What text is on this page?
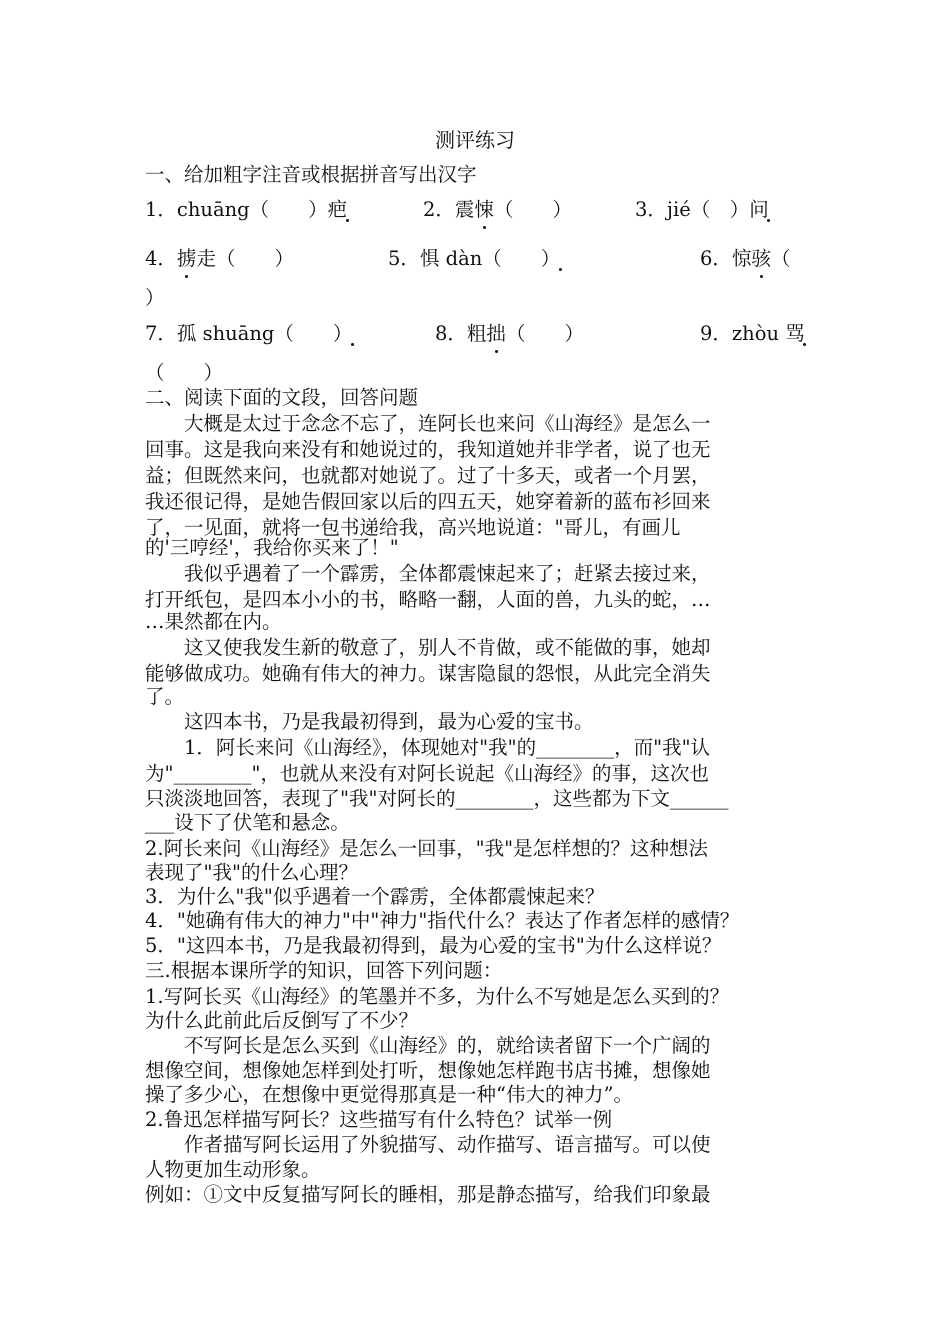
测评练习
一、给加粗字注音或根据拼音写出汉字
1．chuāng（　　）疤	2．震悚（　　）	3．jié（　）问
4．掳走（　　）	5．惧 dàn（　　）	6．惊骇（
）
7．孤 shuāng（　　）	8．粗拙（　　）	9．zhòu 骂
（　　）
二、阅读下面的文段，回答问题
　　大概是太过于念念不忘了，连阿长也来问《山海经》是怎么一
回事。这是我向来没有和她说过的，我知道她并非学者，说了也无
益；但既然来问，也就都对她说了。过了十多天，或者一个月罢，
我还很记得，是她告假回家以后的四五天，她穿着新的蓝布衫回来
了，一见面，就将一包书递给我，高兴地说道："哥儿，有画儿
的'三哼经'，我给你买来了！"
　　我似乎遇着了一个霹雳，全体都震悚起来了；赶紧去接过来，
打开纸包，是四本小小的书，略略一翻，人面的兽，九头的蛇，…
…果然都在内。
　　这又使我发生新的敬意了，别人不肯做，或不能做的事，她却
能够做成功。她确有伟大的神力。谋害隐鼠的怨恨，从此完全消失
了。
　　这四本书，乃是我最初得到，最为心爱的宝书。
　　1．阿长来问《山海经》，体现她对"我"的________，而"我"认
为"________"，也就从来没有对阿长说起《山海经》的事，这次也
只淡淡地回答，表现了"我"对阿长的________，这些都为下文______
___设下了伏笔和悬念。
2.阿长来问《山海经》是怎么一回事，"我"是怎样想的？这种想法
表现了"我"的什么心理？
3．为什么"我"似乎遇着一个霹雳，全体都震悚起来？
4．"她确有伟大的神力"中"神力"指代什么？表达了作者怎样的感情？
5．"这四本书，乃是我最初得到，最为心爱的宝书"为什么这样说？
三.根据本课所学的知识，回答下列问题：
1.写阿长买《山海经》的笔墨并不多，为什么不写她是怎么买到的？
为什么此前此后反倒写了不少？
　　不写阿长是怎么买到《山海经》的，就给读者留下一个广阔的
想像空间，想像她怎样到处打听，想像她怎样跑书店书摊，想像她
操了多少心，在想像中更觉得那真是一种“伟大的神力”。
2.鲁迅怎样描写阿长？这些描写有什么特色？试举一例
　　作者描写阿长运用了外貌描写、动作描写、语言描写。可以使
人物更加生动形象。
例如：①文中反复描写阿长的睡相，那是静态描写，给我们印象最
